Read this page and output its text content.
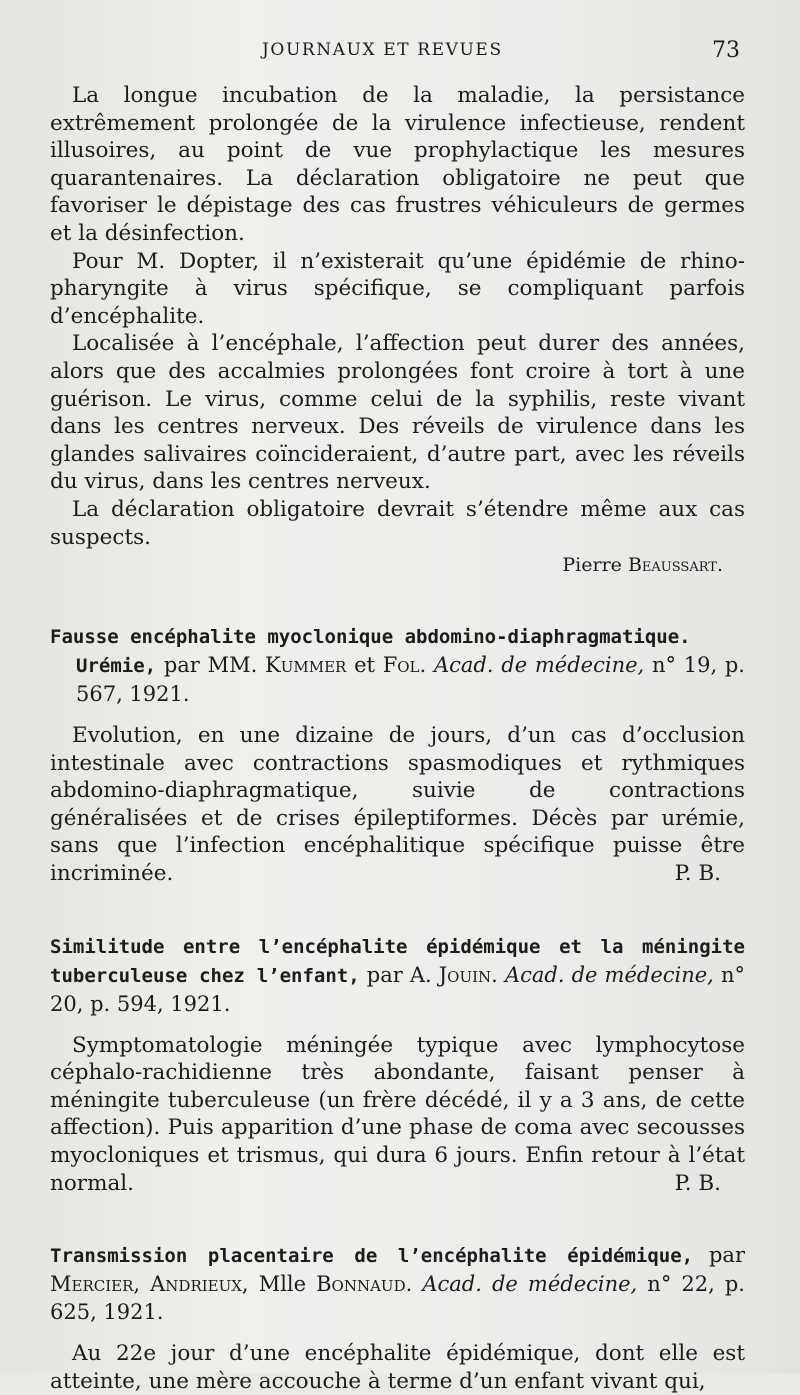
JOURNAUX ET REVUES	73

La longue incubation de la maladie, la persistance extrêmement prolongée de la virulence infectieuse, rendent illusoires, au point de vue prophylactique les mesures quarantenaires. La déclaration obligatoire ne peut que favoriser le dépistage des cas frustres véhiculeurs de germes et la désinfection.

Pour M. Dopter, il n’existerait qu’une épidémie de rhino-pharyngite à virus spécifique, se compliquant parfois d’encéphalite.

Localisée à l’encéphale, l’affection peut durer des années, alors que des accalmies prolongées font croire à tort à une guérison. Le virus, comme celui de la syphilis, reste vivant dans les centres nerveux. Des réveils de virulence dans les glandes salivaires coïncideraient, d’autre part, avec les réveils du virus, dans les centres nerveux.

La déclaration obligatoire devrait s’étendre même aux cas suspects.

Pierre Beaussart.

Fausse encéphalite myoclonique abdomino-diaphragmatique.

Urémie, par MM. Kummer et Fol. Acad. de médecine, n° 19, p. 567, 1921.

Evolution, en une dizaine de jours, d’un cas d’occlusion intestinale avec contractions spasmodiques et rythmiques abdomino-diaphragmatique, suivie de contractions généralisées et de crises épileptiformes. Décès par urémie, sans que l’infection encéphalitique spécifique puisse être incriminée.	P. B.

Similitude entre l’encéphalite épidémique et la méningite tuberculeuse chez l’enfant, par A. Jouin. Acad. de médecine, n° 20, p. 594, 1921.

Symptomatologie méningée typique avec lymphocytose céphalo-rachidienne très abondante, faisant penser à méningite tuberculeuse (un frère décédé, il y a 3 ans, de cette affection). Puis apparition d’une phase de coma avec secousses myocloniques et trismus, qui dura 6 jours. Enfin retour à l’état normal.	P. B.

Transmission placentaire de l’encéphalite épidémique, par Mercier, Andrieux, Mlle Bonnaud. Acad. de médecine, n° 22, p. 625, 1921.

Au 22e jour d’une encéphalite épidémique, dont elle est atteinte, une mère accouche à terme d’un enfant vivant qui,
